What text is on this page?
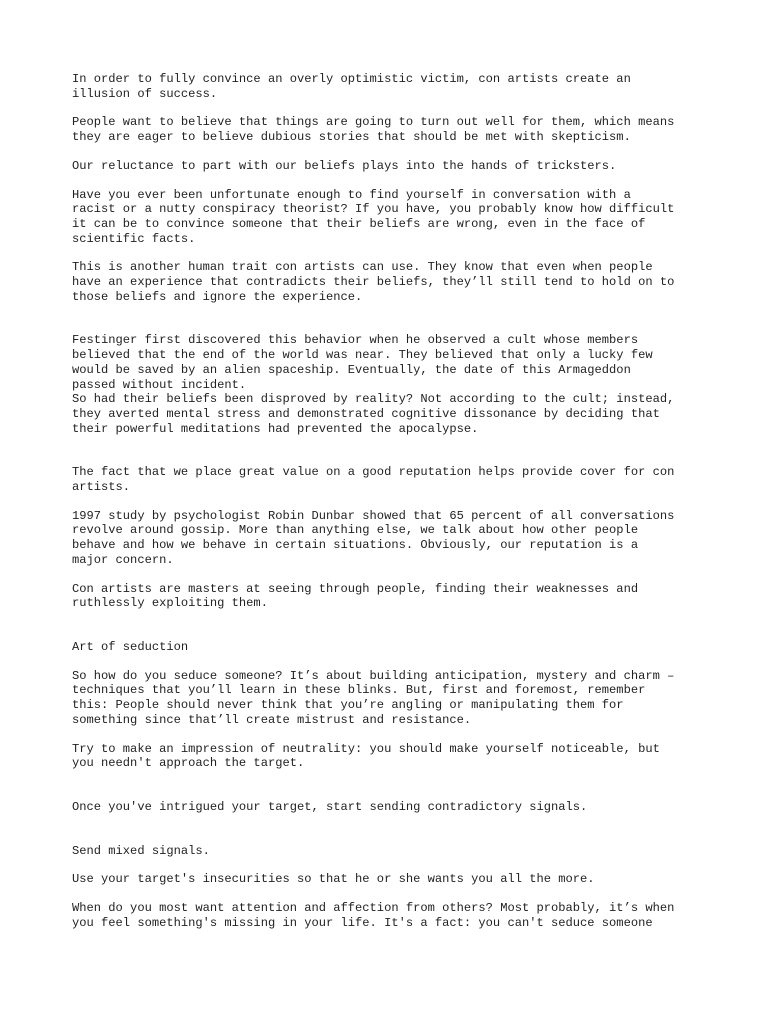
In order to fully convince an overly optimistic victim, con artists create an
illusion of success.

People want to believe that things are going to turn out well for them, which means
they are eager to believe dubious stories that should be met with skepticism.

Our reluctance to part with our beliefs plays into the hands of tricksters.

Have you ever been unfortunate enough to find yourself in conversation with a
racist or a nutty conspiracy theorist? If you have, you probably know how difficult
it can be to convince someone that their beliefs are wrong, even in the face of
scientific facts.

This is another human trait con artists can use. They know that even when people
have an experience that contradicts their beliefs, they’ll still tend to hold on to
those beliefs and ignore the experience.

Festinger first discovered this behavior when he observed a cult whose members
believed that the end of the world was near. They believed that only a lucky few
would be saved by an alien spaceship. Eventually, the date of this Armageddon
passed without incident.
So had their beliefs been disproved by reality? Not according to the cult; instead,
they averted mental stress and demonstrated cognitive dissonance by deciding that
their powerful meditations had prevented the apocalypse.

The fact that we place great value on a good reputation helps provide cover for con
artists.

1997 study by psychologist Robin Dunbar showed that 65 percent of all conversations
revolve around gossip. More than anything else, we talk about how other people
behave and how we behave in certain situations. Obviously, our reputation is a
major concern.

Con artists are masters at seeing through people, finding their weaknesses and
ruthlessly exploiting them.

Art of seduction

So how do you seduce someone? It’s about building anticipation, mystery and charm –
techniques that you’ll learn in these blinks. But, first and foremost, remember
this: People should never think that you’re angling or manipulating them for
something since that’ll create mistrust and resistance.

Try to make an impression of neutrality: you should make yourself noticeable, but
you needn't approach the target.

Once you've intrigued your target, start sending contradictory signals.

Send mixed signals.

Use your target's insecurities so that he or she wants you all the more.

When do you most want attention and affection from others? Most probably, it’s when
you feel something's missing in your life. It's a fact: you can't seduce someone
